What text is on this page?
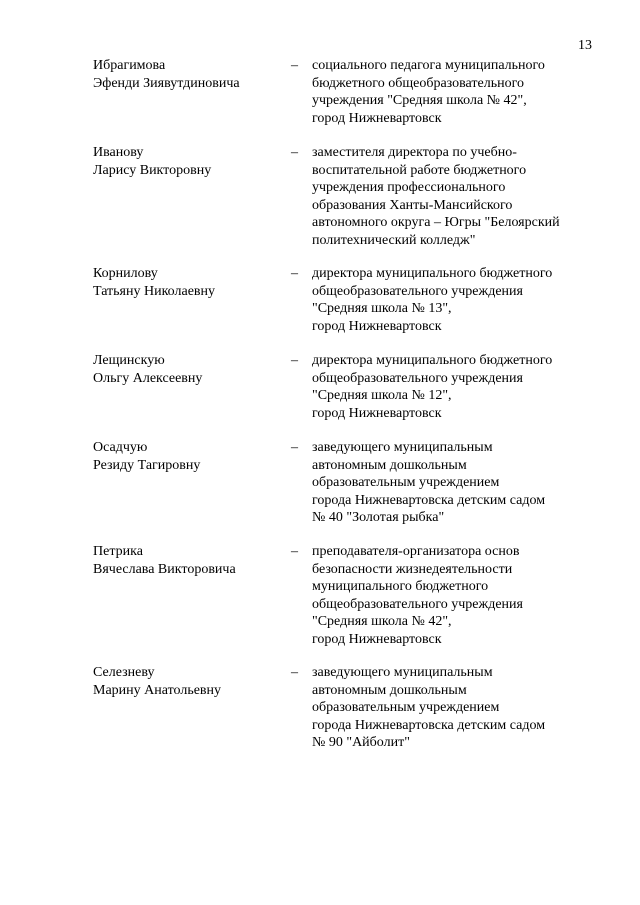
13
Ибрагимова
Эфенди Зиявутдиновича
–	социального педагога муниципального
бюджетного общеобразовательного
учреждения "Средняя школа № 42",
город Нижневартовск
Иванову
Ларису Викторовну
–	заместителя директора по учебно-
воспитательной работе бюджетного
учреждения профессионального
образования Ханты-Мансийского
автономного округа – Югры "Белоярский
политехнический колледж"
Корнилову
Татьяну Николаевну
–	директора муниципального бюджетного
общеобразовательного учреждения
"Средняя школа № 13",
город Нижневартовск
Лещинскую
Ольгу Алексеевну
–	директора муниципального бюджетного
общеобразовательного учреждения
"Средняя школа № 12",
город Нижневартовск
Осадчую
Резиду Тагировну
–	заведующего муниципальным
автономным дошкольным
образовательным учреждением
города Нижневартовска детским садом
№ 40 "Золотая рыбка"
Петрика
Вячеслава Викторовича
–	преподавателя-организатора основ
безопасности жизнедеятельности
муниципального бюджетного
общеобразовательного учреждения
"Средняя школа № 42",
город Нижневартовск
Селезневу
Марину Анатольевну
–	заведующего муниципальным
автономным дошкольным
образовательным учреждением
города Нижневартовска детским садом
№ 90 "Айболит"
